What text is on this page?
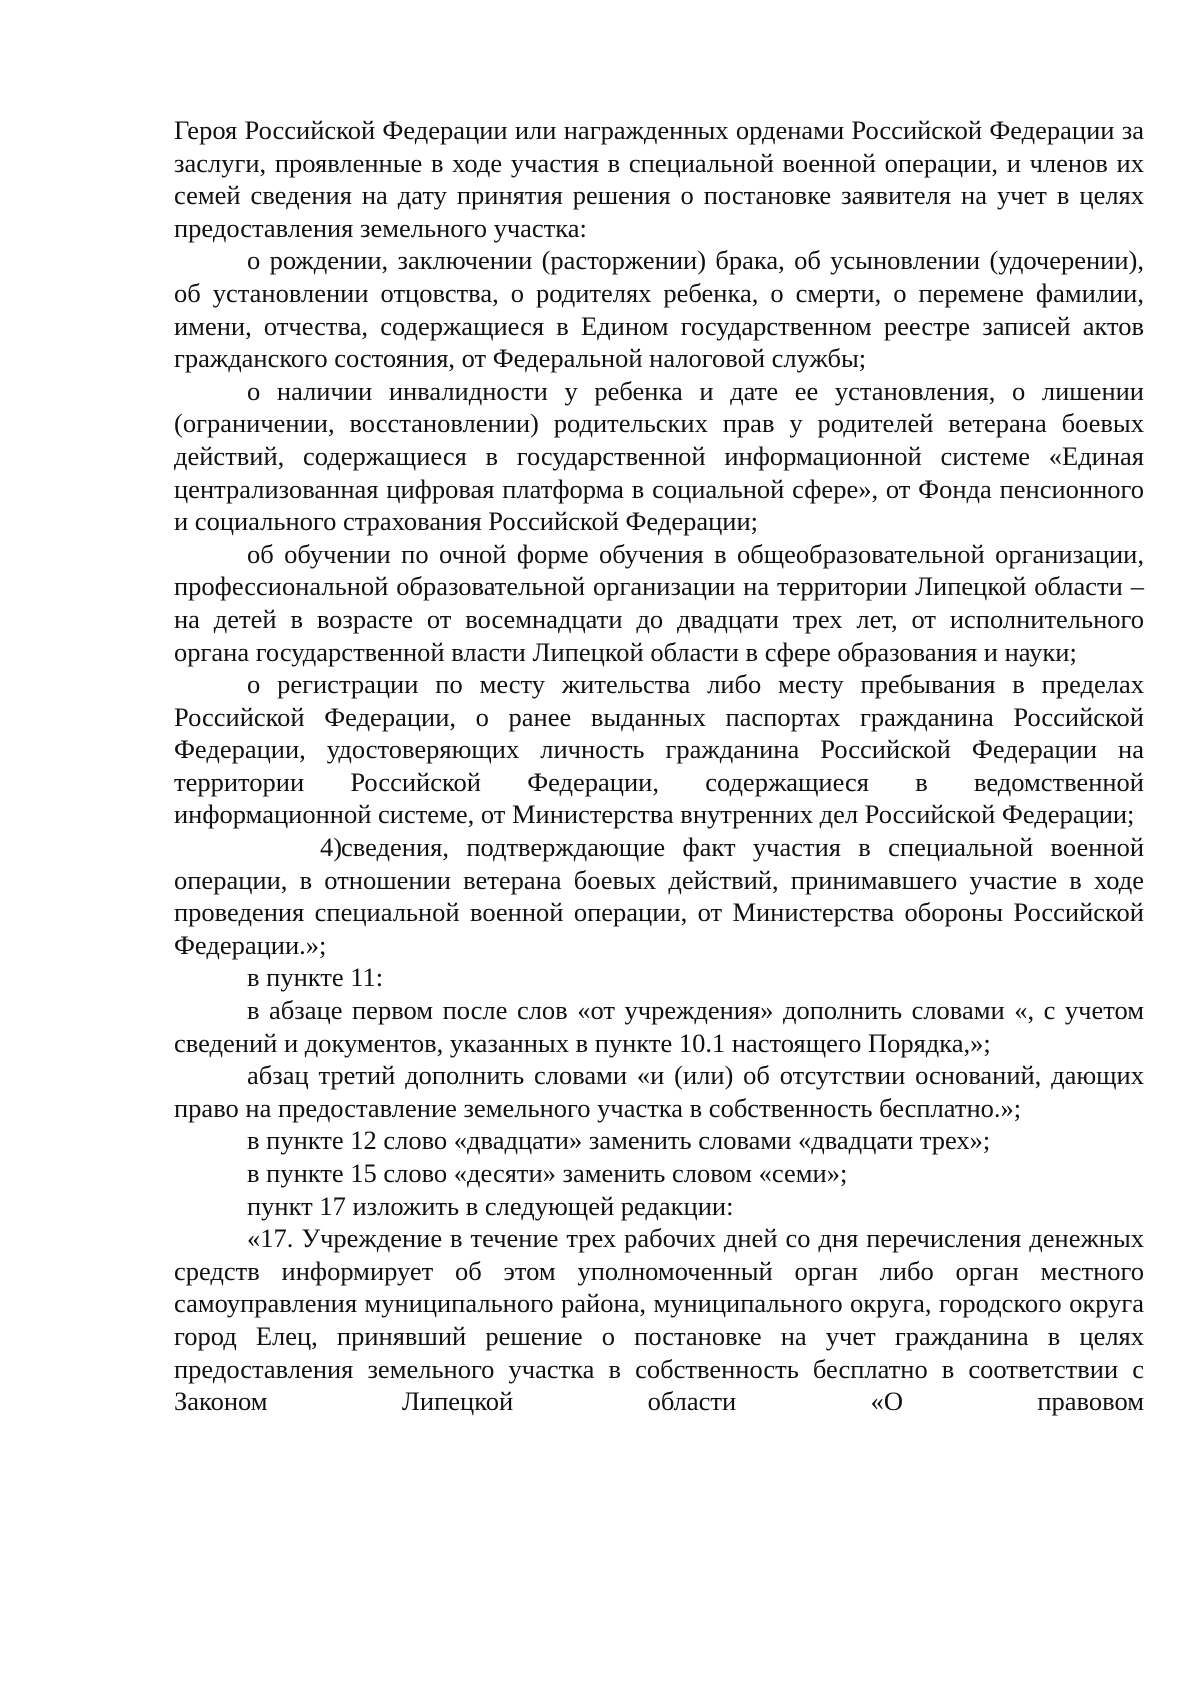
Героя Российской Федерации или награжденных орденами Российской Федерации за заслуги, проявленные в ходе участия в специальной военной операции, и членов их семей сведения на дату принятия решения о постановке заявителя на учет в целях предоставления земельного участка:

о рождении, заключении (расторжении) брака, об усыновлении (удочерении), об установлении отцовства, о родителях ребенка, о смерти, о перемене фамилии, имени, отчества, содержащиеся в Едином государственном реестре записей актов гражданского состояния, от Федеральной налоговой службы;

о наличии инвалидности у ребенка и дате ее установления, о лишении (ограничении, восстановлении) родительских прав у родителей ветерана боевых действий, содержащиеся в государственной информационной системе «Единая централизованная цифровая платформа в социальной сфере», от Фонда пенсионного и социального страхования Российской Федерации;

об обучении по очной форме обучения в общеобразовательной организации, профессиональной образовательной организации на территории Липецкой области – на детей в возрасте от восемнадцати до двадцати трех лет, от исполнительного органа государственной власти Липецкой области в сфере образования и науки;

о регистрации по месту жительства либо месту пребывания в пределах Российской Федерации, о ранее выданных паспортах гражданина Российской Федерации, удостоверяющих личность гражданина Российской Федерации на территории Российской Федерации, содержащиеся в ведомственной информационной системе, от Министерства внутренних дел Российской Федерации;

4)сведения, подтверждающие факт участия в специальной военной операции, в отношении ветерана боевых действий, принимавшего участие в ходе проведения специальной военной операции, от Министерства обороны Российской Федерации.»;

в пункте 11:

в абзаце первом после слов «от учреждения» дополнить словами «, с учетом сведений и документов, указанных в пункте 10.1 настоящего Порядка,»;

абзац третий дополнить словами «и (или) об отсутствии оснований, дающих право на предоставление земельного участка в собственность бесплатно.»;

в пункте 12 слово «двадцати» заменить словами «двадцати трех»;

в пункте 15 слово «десяти» заменить словом «семи»;

пункт 17 изложить в следующей редакции:

«17. Учреждение в течение трех рабочих дней со дня перечисления денежных средств информирует об этом уполномоченный орган либо орган местного самоуправления муниципального района, муниципального округа, городского округа город Елец, принявший решение о постановке на учет гражданина в целях предоставления земельного участка в собственность бесплатно в соответствии с Законом Липецкой области «О правовом
